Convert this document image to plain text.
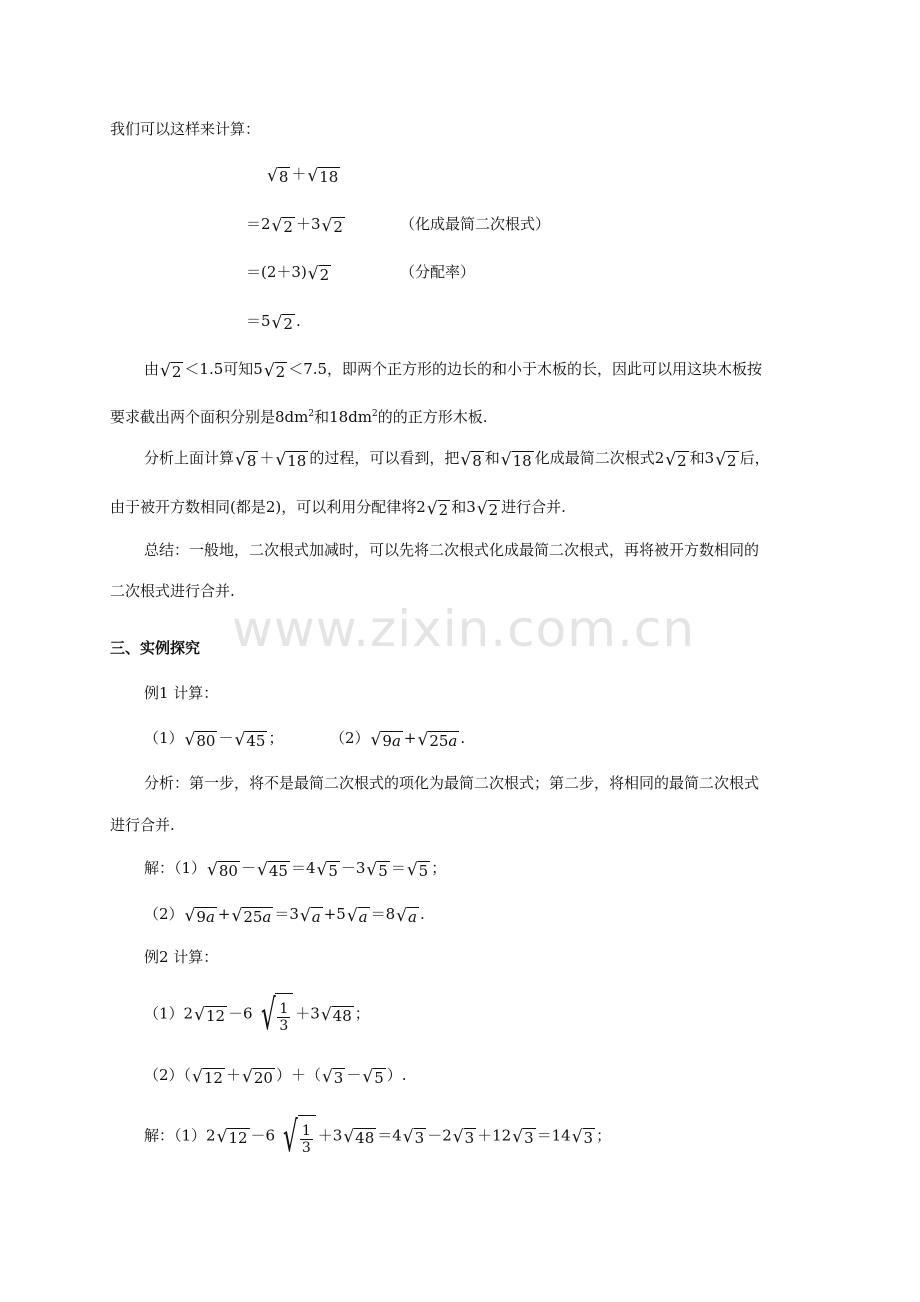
www.zixin.com.cn
我们可以这样来计算：
√8 ＋√18
＝2√2 ＋3√2	（化成最简二次根式）
＝(2＋3)√2	（分配率）
＝5√2 .
由√2 ＜1.5可知5√2 ＜7.5，即两个正方形的边长的和小于木板的长，因此可以用这块木板按
要求截出两个面积分别是$8dm^2$和$18dm^2$的的正方形木板.
分析上面计算√8 ＋√18 的过程，可以看到，把√8 和√18 化成最简二次根式2√2 和3√2 后，
由于被开方数相同(都是2)，可以利用分配律将2√2 和3√2 进行合并.
总结：一般地，二次根式加减时，可以先将二次根式化成最简二次根式，再将被开方数相同的
二次根式进行合并.
三、实例探究
例1 计算：
（1）√80 －√45 ；	（2）√9a +√25a .
分析：第一步，将不是最简二次根式的项化为最简二次根式；第二步，将相同的最简二次根式
进行合并.
解：（1）√80 －√45 ＝4√5 －3√5 ＝√5 ；
（2）√9a +√25a ＝3√a +5√a ＝8√a .
例2 计算：
（1）2√12 －6 √ $\frac{1}{3} +3√48$ ；
（2）（√12 ＋√20 ）＋（√3 －√5 ）.
解：（1）2√12 －6 √ $\frac{1}{3} +3√48 =4√3 -2√3 +12√3 =14√3$ ；
